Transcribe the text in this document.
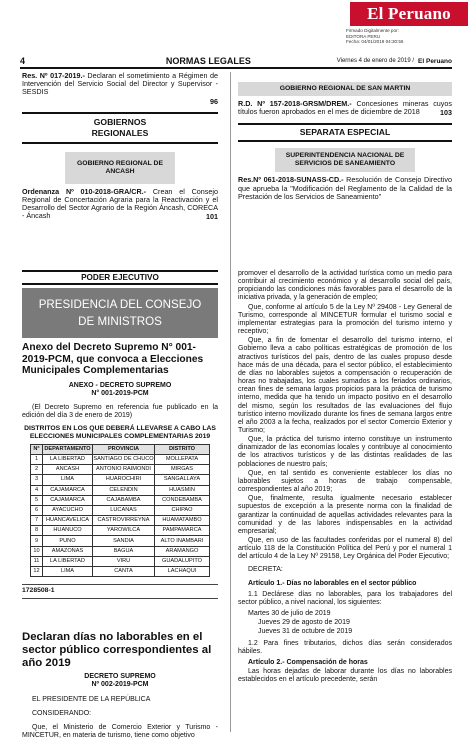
El Peruano
Firmado Digitalmente por:
EDITORA PERU
Fecha: 04/01/2019 04:30:56
4	NORMAS LEGALES	Viernes 4 de enero de 2019 / El Peruano
Res. Nº 017-2019.- Declaran el sometimiento a Régimen de Intervención del Servicio Social del Director y Supervisor - SESDIS
96
GOBIERNOS REGIONALES
GOBIERNO REGIONAL DE ANCASH
Ordenanza Nº 010-2018-GRA/CR.- Crean el Consejo Regional de Concertación Agraria para la Reactivación y el Desarrollo del Sector Agrario de la Región Áncash, CORECA - Áncash	101
GOBIERNO REGIONAL DE SAN MARTIN
R.D. Nº 157-2018-GRSM/DREM.- Concesiones mineras cuyos títulos fueron aprobados en el mes de diciembre de 2018	103
SEPARATA ESPECIAL
SUPERINTENDENCIA NACIONAL DE SERVICIOS DE SANEAMIENTO
Res.Nº 061-2018-SUNASS-CD.- Resolución de Consejo Directivo que aprueba la "Modificación del Reglamento de la Calidad de la Prestación de los Servicios de Saneamiento"
PODER EJECUTIVO
PRESIDENCIA DEL CONSEJO DE MINISTROS
Anexo del Decreto Supremo N° 001-2019-PCM, que convoca a Elecciones Municipales Complementarias
ANEXO - DECRETO SUPREMO
N° 001-2019-PCM
(El Decreto Supremo en referencia fue publicado en la edición del día 3 de enero de 2019)
DISTRITOS EN LOS QUE DEBERÁ LLEVARSE A CABO LAS ELECCIONES MUNICIPALES COMPLEMENTARIAS 2019
N°	DEPARTAMENTO	PROVINCIA	DISTRITO
1	LA LIBERTAD	SANTIAGO DE CHUCO	MOLLEPATA
2	ANCASH	ANTONIO RAIMONDI	MIRGAS
3	LIMA	HUAROCHIRI	SANGALLAYA
4	CAJAMARCA	CELENDIN	HUASMIN
5	CAJAMARCA	CAJABAMBA	CONDEBAMBA
6	AYACUCHO	LUCANAS	CHIPAO
7	HUANCAVELICA	CASTROVIRREYNA	HUAMATAMBO
8	HUANUCO	YAROWILCA	PAMPAMARCA
9	PUNO	SANDIA	ALTO INAMBARI
10	AMAZONAS	BAGUA	ARAMANGO
11	LA LIBERTAD	VIRU	GUADALUPITO
12	LIMA	CANTA	LACHAQUI
1728508-1
Declaran días no laborables en el sector público correspondientes al año 2019
DECRETO SUPREMO
Nº 002-2019-PCM
EL PRESIDENTE DE LA REPÚBLICA
CONSIDERANDO:
Que, el Ministerio de Comercio Exterior y Turismo - MINCETUR, en materia de turismo, tiene como objetivo

promover el desarrollo de la actividad turística como un medio para contribuir al crecimiento económico y al desarrollo social del país, propiciando las condiciones más favorables para el desarrollo de la iniciativa privada, y la generación de empleo;

Que, conforme al artículo 5 de la Ley Nº 29408 - Ley General de Turismo, corresponde al MINCETUR formular el turismo social e implementar estrategias para la promoción del turismo interno y receptivo;

Que, a fin de fomentar el desarrollo del turismo interno, el Gobierno lleva a cabo políticas estratégicas de promoción de los atractivos turísticos del país, dentro de las cuales propuso desde hace más de una década, para el sector público, el establecimiento de días no laborables sujetos a compensación o recuperación de horas no trabajadas, los cuales sumados a los feriados ordinarios, crean fines de semana largos propicios para la práctica de turismo interno, medida que ha tenido un impacto positivo en el desarrollo del mismo, según los resultados de las evaluaciones del flujo turístico interno movilizado durante los fines de semana largos entre el año 2003 a la fecha, realizados por el sector Comercio Exterior y Turismo;

Que, la práctica del turismo interno constituye un instrumento dinamizador de las economías locales y contribuye al conocimiento de los atractivos turísticos y de las distintas realidades de las poblaciones de nuestro país;

Que, en tal sentido es conveniente establecer los días no laborables sujetos a horas de trabajo compensable, correspondientes al año 2019;

Que, finalmente, resulta igualmente necesario establecer supuestos de excepción a la presente norma con la finalidad de garantizar la continuidad de aquellas actividades relevantes para la comunidad y de las labores indispensables en la actividad empresarial;

Que, en uso de las facultades conferidas por el numeral 8) del artículo 118 de la Constitución Política del Perú y por el numeral 1 del artículo 4 de la Ley Nº 29158, Ley Orgánica del Poder Ejecutivo;

DECRETA:

Artículo 1.- Días no laborables en el sector público

1.1 Declárese días no laborables, para los trabajadores del sector público, a nivel nacional, los siguientes:

Martes 30 de julio de 2019

Jueves 29 de agosto de 2019

Jueves 31 de octubre de 2019

1.2 Para fines tributarios, dichos días serán considerados hábiles.

Artículo 2.- Compensación de horas

Las horas dejadas de laborar durante los días no laborables establecidos en el artículo precedente, serán
